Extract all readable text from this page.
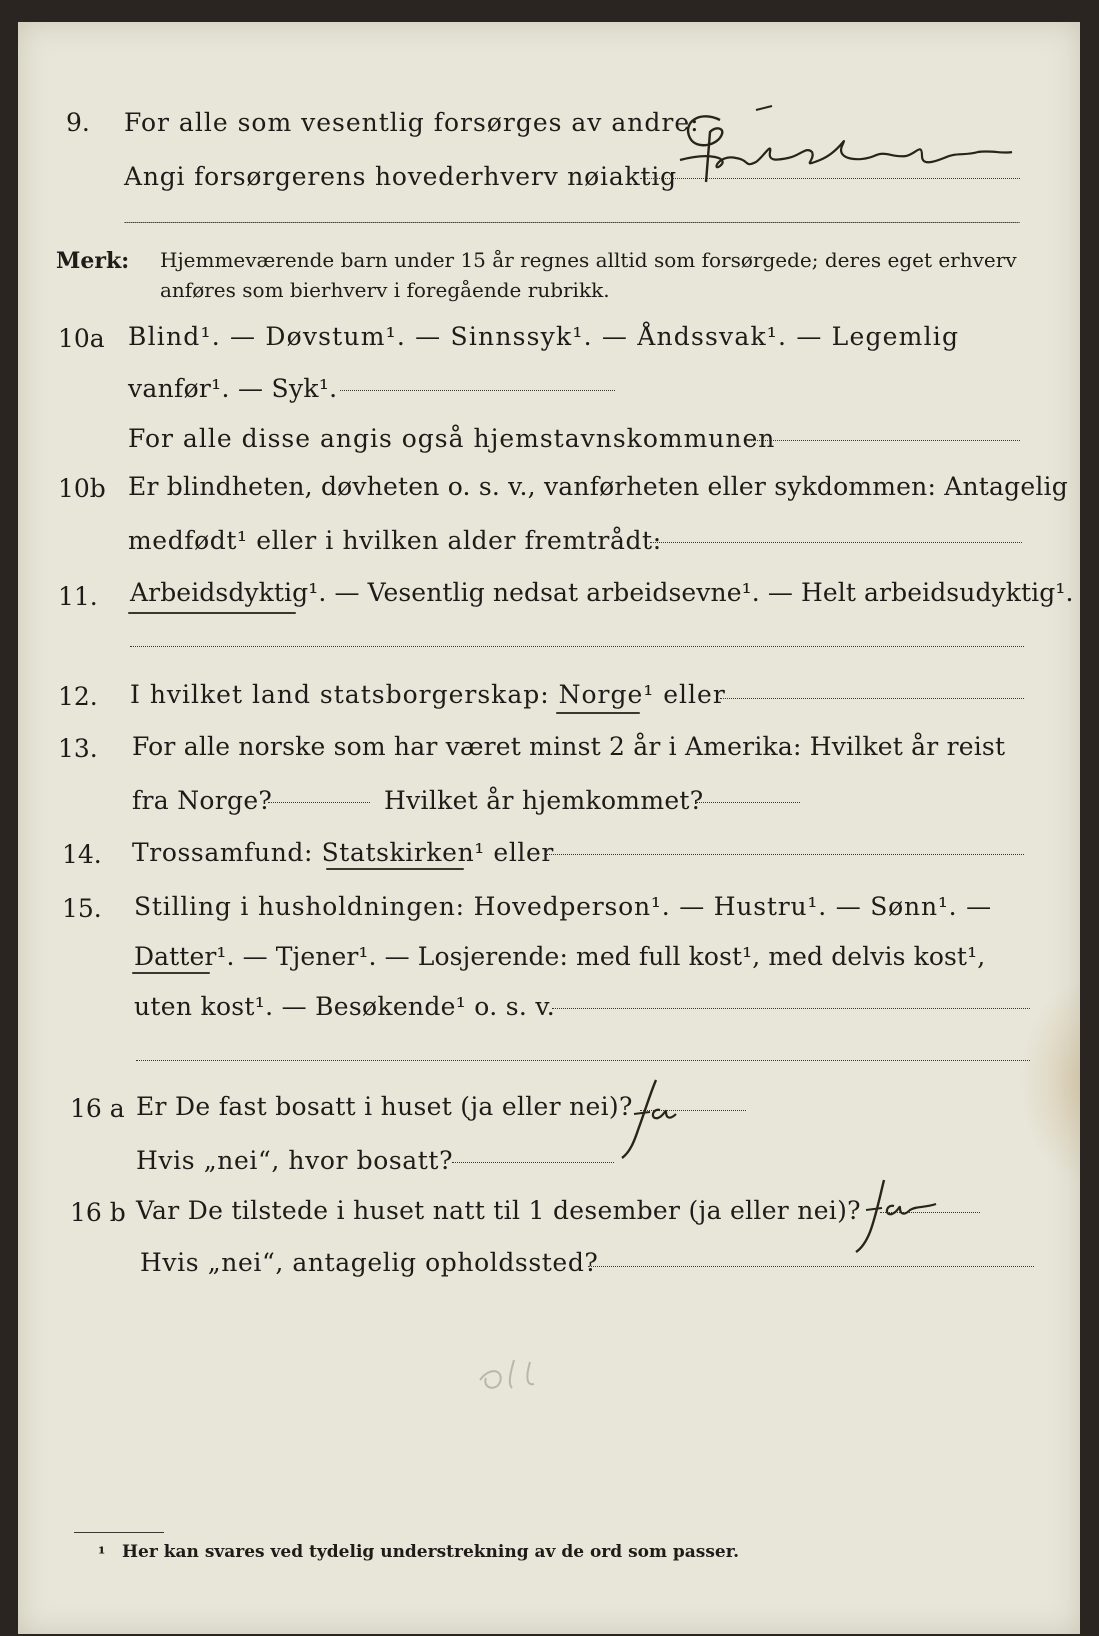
9. For alle som vesentlig forsørges av andre:
Angi forsørgerens hovederhverv nøiaktig
Merk: Hjemmeværende barn under 15 år regnes alltid som forsørgede; deres eget erhverv
anføres som bierhverv i foregående rubrikk.
10a Blind¹. — Døvstum¹. — Sinnssyk¹. — Åndssvak¹. — Legemlig
vanfør¹. — Syk¹.
For alle disse angis også hjemstavnskommunen
10b Er blindheten, døvheten o. s. v., vanførheten eller sykdommen: Antagelig
medfødt¹ eller i hvilken alder fremtrådt:
11. Arbeidsdyktig¹. — Vesentlig nedsat arbeidsevne¹. — Helt arbeidsudyktig¹.
12. I hvilket land statsborgerskap: Norge¹ eller
13. For alle norske som har været minst 2 år i Amerika: Hvilket år reist
fra Norge?	Hvilket år hjemkommet?
14. Trossamfund: Statskirken¹ eller
15. Stilling i husholdningen: Hovedperson¹. — Hustru¹. — Sønn¹. —
Datter¹. — Tjener¹. — Losjerende: med full kost¹, med delvis kost¹,
uten kost¹. — Besøkende¹ o. s. v.
16 a Er De fast bosatt i huset (ja eller nei)?
Hvis „nei“, hvor bosatt?
16 b Var De tilstede i huset natt til 1 desember (ja eller nei)?
Hvis „nei“, antagelig opholdssted?
¹ Her kan svares ved tydelig understrekning av de ord som passer.
